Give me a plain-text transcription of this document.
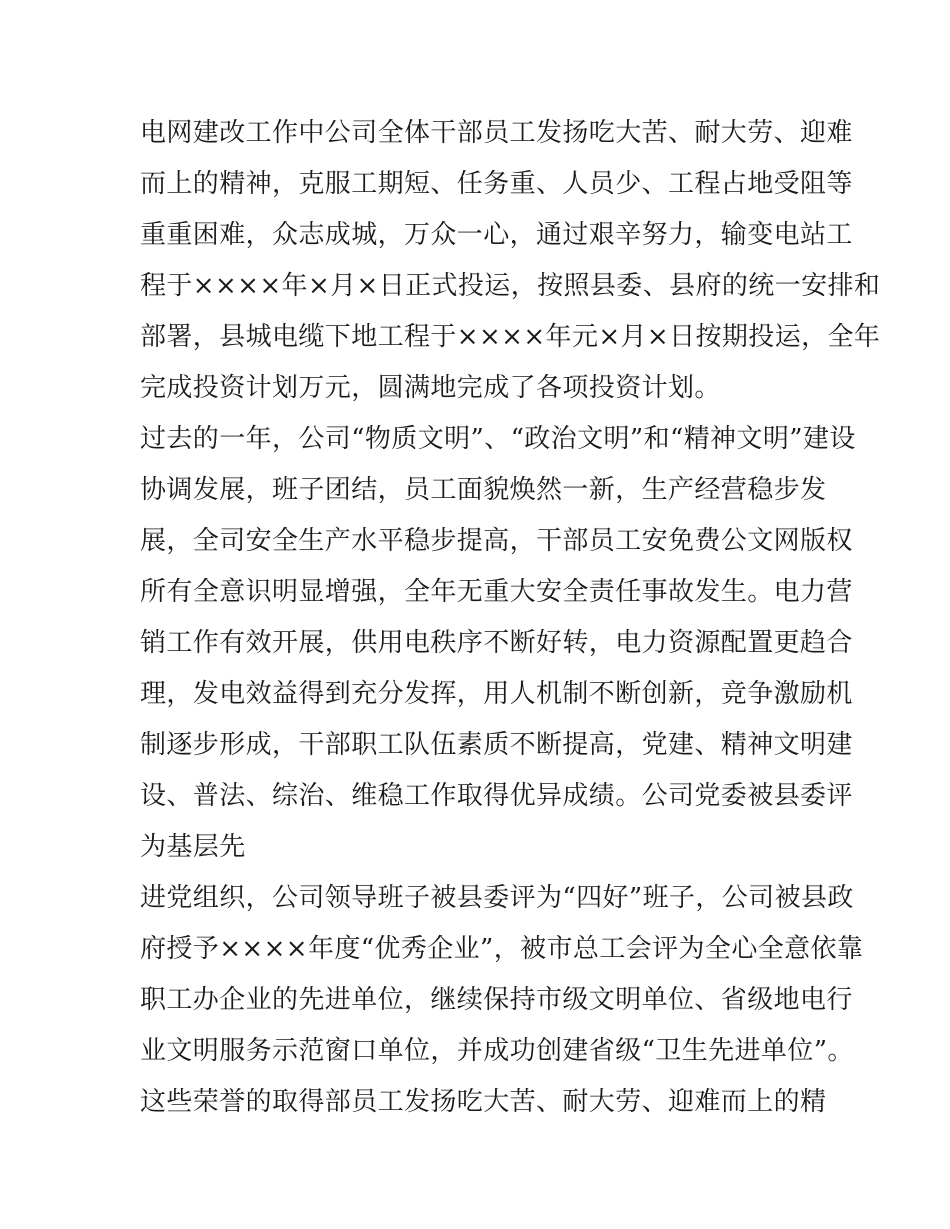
电网建改工作中公司全体干部员工发扬吃大苦、耐大劳、迎难
而上的精神，克服工期短、任务重、人员少、工程占地受阻等
重重困难，众志成城，万众一心，通过艰辛努力，输变电站工
程于××××年×月×日正式投运，按照县委、县府的统一安排和
部署，县城电缆下地工程于××××年元×月×日按期投运，全年
完成投资计划万元，圆满地完成了各项投资计划。
过去的一年，公司“物质文明”、“政治文明”和“精神文明”建设
协调发展，班子团结，员工面貌焕然一新，生产经营稳步发
展，全司安全生产水平稳步提高，干部员工安免费公文网版权
所有全意识明显增强，全年无重大安全责任事故发生。电力营
销工作有效开展，供用电秩序不断好转，电力资源配置更趋合
理，发电效益得到充分发挥，用人机制不断创新，竞争激励机
制逐步形成，干部职工队伍素质不断提高，党建、精神文明建
设、普法、综治、维稳工作取得优异成绩。公司党委被县委评
为基层先
进党组织，公司领导班子被县委评为“四好”班子，公司被县政
府授予××××年度“优秀企业”，被市总工会评为全心全意依靠
职工办企业的先进单位，继续保持市级文明单位、省级地电行
业文明服务示范窗口单位，并成功创建省级“卫生先进单位”。
这些荣誉的取得部员工发扬吃大苦、耐大劳、迎难而上的精
